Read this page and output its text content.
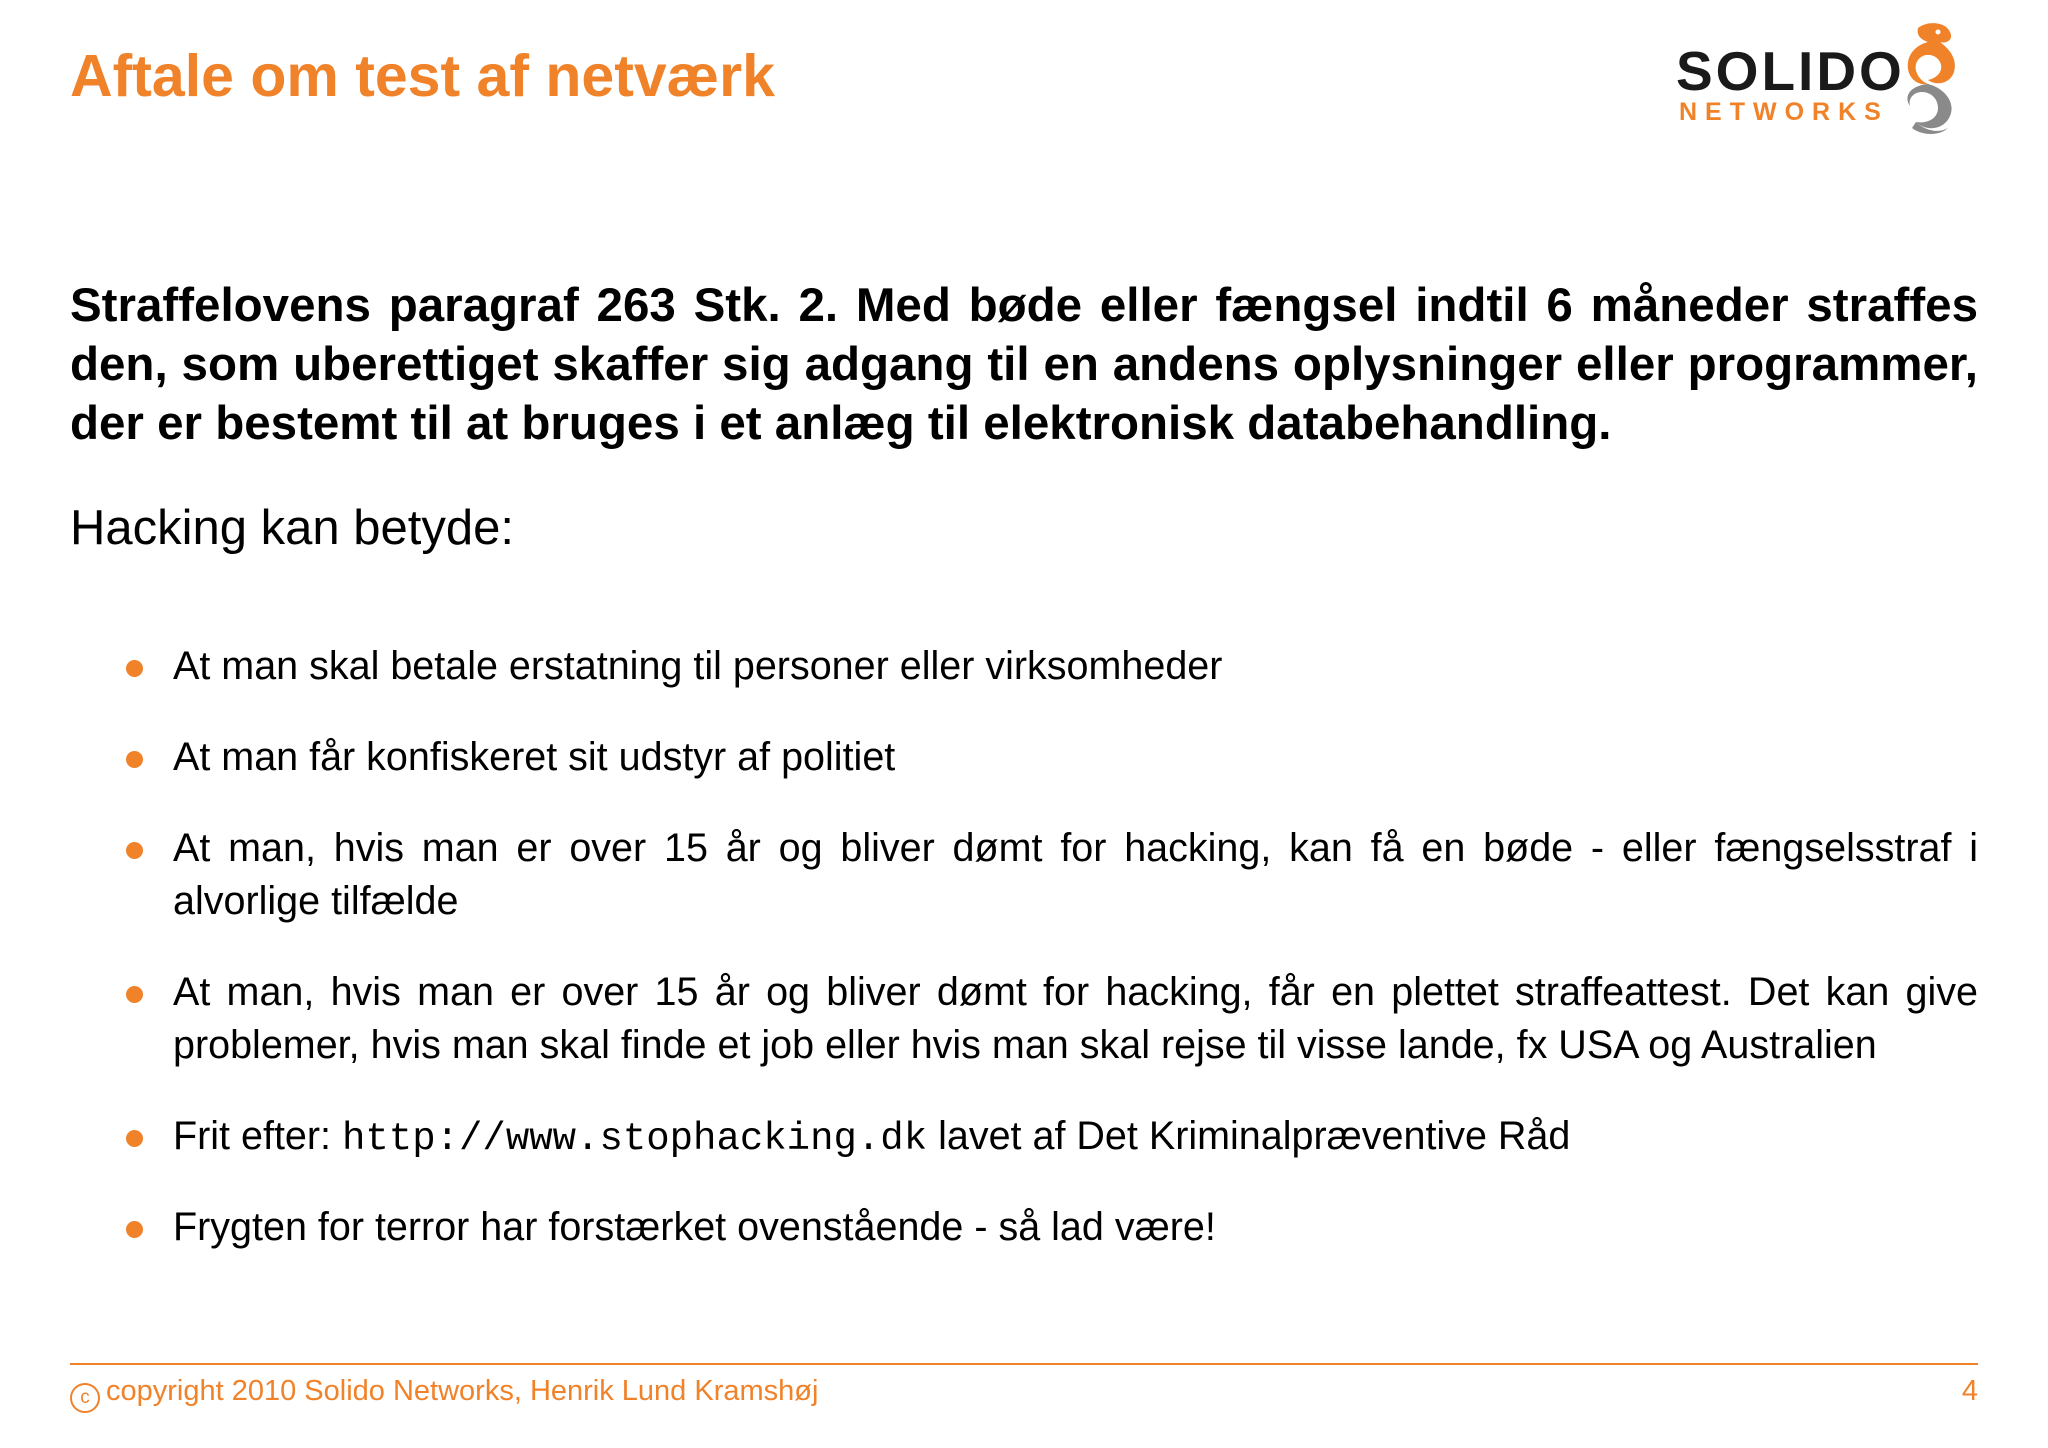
Aftale om test af netværk	SOLIDO
NETWORKS

Straffelovens paragraf 263 Stk. 2. Med bøde eller fængsel indtil 6 måneder straffes den, som uberettiget skaffer sig adgang til en andens oplysninger eller programmer, der er bestemt til at bruges i et anlæg til elektronisk databehandling.

Hacking kan betyde:

At man skal betale erstatning til personer eller virksomheder

At man får konfiskeret sit udstyr af politiet

At man, hvis man er over 15 år og bliver dømt for hacking, kan få en bøde - eller fængselsstraf i alvorlige tilfælde

At man, hvis man er over 15 år og bliver dømt for hacking, får en plettet straffeattest. Det kan give problemer, hvis man skal finde et job eller hvis man skal rejse til visse lande, fx USA og Australien

Frit efter: http://www.stophacking.dk lavet af Det Kriminalpræventive Råd

Frygten for terror har forstærket ovenstående - så lad være!

c copyright 2010 Solido Networks, Henrik Lund Kramshøj	4
